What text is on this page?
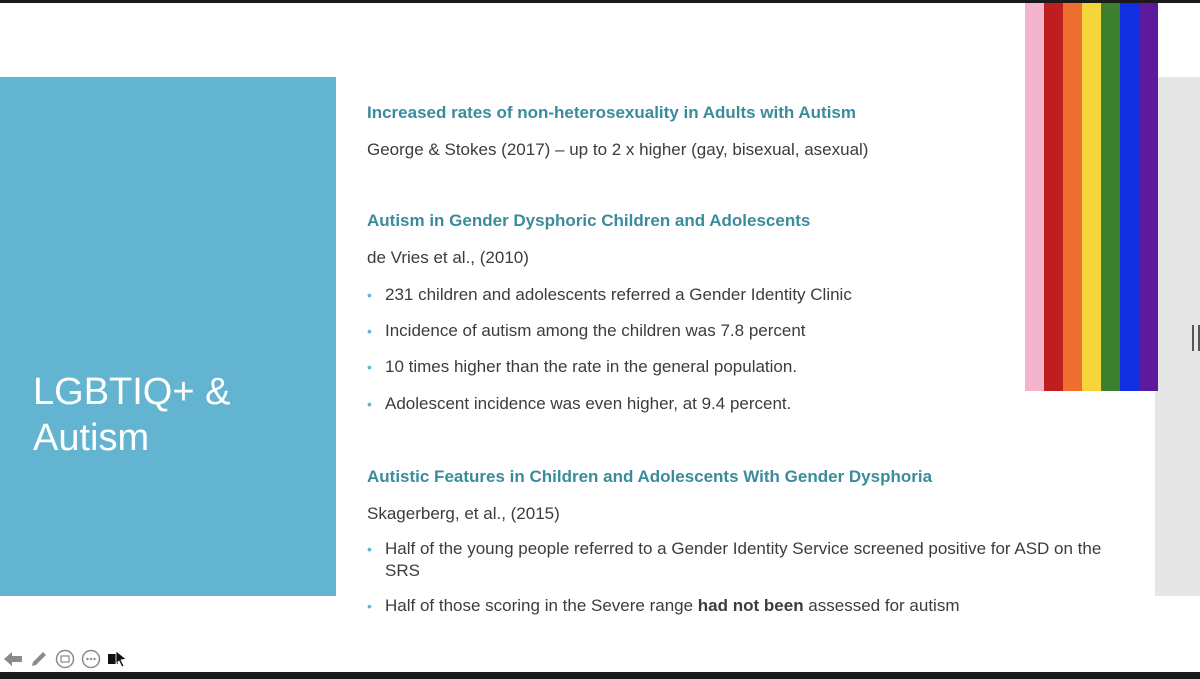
LGBTIQ+ & Autism
Increased rates of non-heterosexuality in Adults with Autism
George & Stokes (2017) – up to 2 x higher (gay, bisexual, asexual)
Autism in Gender Dysphoric Children and Adolescents
de Vries et al., (2010)
• 231 children and adolescents referred a Gender Identity Clinic
• Incidence of autism among the children was 7.8 percent
• 10 times higher than the rate in the general population.
• Adolescent incidence was even higher, at 9.4 percent.
Autistic Features in Children and Adolescents With Gender Dysphoria
Skagerberg, et al., (2015)
• Half of the young people referred to a Gender Identity Service screened positive for ASD on the SRS
• Half of those scoring in the Severe range had not been assessed for autism
